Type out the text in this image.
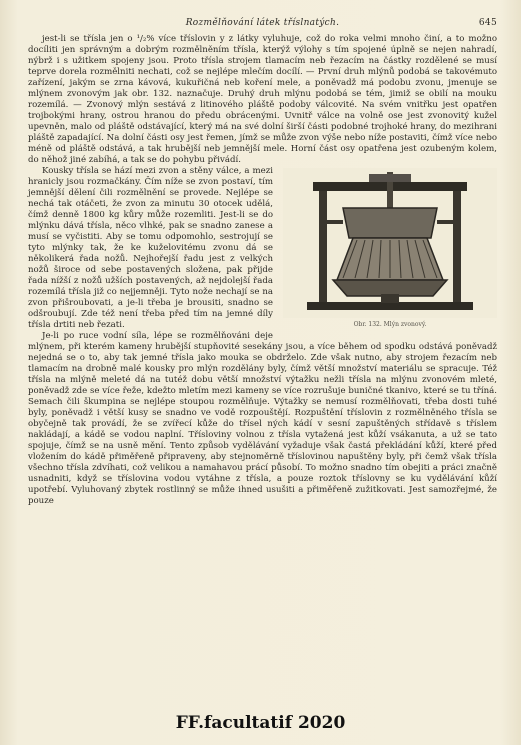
Rozmělňování látek tříslnatých.	645

jest-li se třísla jen o ¹/₂% více tříslovin y z látky vyluhuje, což do roka velmi mnoho činí, a to možno docíliti jen správným a dobrým rozmělněním třísla, kterýž výlohy s tím spojené úplně se nejen nahradí, nýbrž i s užitkem spojeny jsou. Proto třísla strojem tlamacím neb řezacím na částky rozdělené se musí teprve dorela rozmělniti nechati, což se nejlépe mlečím docílí. — První druh mlýnů podobá se takovémuto zařízení, jakým se zrna kávová, kukuřičná neb koření mele, a poněvadž má podobu zvonu, jmenuje se mlýnem zvonovým jak obr. 132. naznačuje. Druhý druh mlýnu podobá se tém, jimiž se obilí na mouku rozemílá. — Zvonový mlýn sestává z litinového pláště podoby válcovité. Na svém vnitřku jest opatřen trojbokými hrany, ostrou hranou do předu obrácenými. Uvnitř válce na volně ose jest zvonovitý kužel upevněn, malo od pláště odstávající, který má na své dolní širší části podobné trojhoké hrany, do mezihrani pláště zapadající. Na dolní části osy jest řemen, jímž se může zvon výše nebo níže postaviti, čímž více nebo méně od pláště odstává, a tak hrubější neb jemnější mele. Horní část osy opatřena jest ozubeným kolem, do něhož jiné zabíhá, a tak se do pohybu přivádí.

Obr. 132. Mlýn zvonový.

Kousky třísla se hází mezi zvon a stěny válce, a mezi hranicly jsou rozmačkány. Čím níže se zvon postaví, tím jemnější dělení čili rozmělnění se provede. Nejlépe se nechá tak otáčeti, že zvon za minutu 30 otocek udělá, čímž denně 1800 kg kůry může rozemliti. Jest-li se do mlýnku dává třísla, něco vlhké, pak se snadno zanese a musí se vyčistiti. Aby se tomu odpomohlo, sestrojují se tyto mlýnky tak, že ke kuželovitému zvonu dá se několikerá řada nožů. Nejhořejší řadu jest z velkých nožů široce od sebe postavených složena, pak přijde řada nížší z nožů užších postavených, až nejdolejší řada rozemílá třísla již co nejjemněji. Tyto nože nechají se na zvon přišroubovati, a je-li třeba je brousiti, snadno se odšroubují. Zde též není třeba před tím na jemné díly třísla drtiti neb řezati.

Je-li po ruce vodní síla, lépe se rozmělňováni deje mlýnem, při kterém kameny hrubější stupňovité sesekány jsou, a více během od spodku odstává poněvadž nejedná se o to, aby tak jemné třísla jako mouka se obdrželo. Zde však nutno, aby strojem řezacím neb tlamacím na drobně malé kousky pro mlýn rozdělány byly, čímž větší množství materiálu se spracuje. Též třísla na mlýně meleté dá na tutéž dobu větší množství výtažku nežli třísla na mlýnu zvonovém mleté, poněvadž zde se více řeže, kdežto mletím mezi kameny se více rozrušuje buničné tkanivo, které se tu tříná. Semach čili škumpina se nejlépe stoupou rozmělňuje. Výtažky se nemusí rozmělňovati, třeba dosti tuhé byly, poněvadž i větší kusy se snadno ve vodě rozpouštějí. Rozpuštění tříslovin z rozmělněného třísla se obyčejně tak provádí, že se zvířecí kůže do třísel ných kádí v sesní zapuštěných střídavě s tříslem nakládají, a kádě se vodou naplní. Třísloviny volnou z třísla vytažená jest kůží vsákanuta, a už se tato spojuje, čímž se na usně mění. Tento způsob vydělávání vyžaduje však častá překládání kůží, které před vložením do kádě přiměřeně připraveny, aby stejnoměrně tříslovinou napuštěny byly, při čemž však třísla všechno třísla zdvíhati, což velikou a namahavou prácí působí. To možno snadno tím obejiti a práci značně usnadniti, když se tříslovina vodou vytáhne z třísla, a pouze roztok tříslovny se ku vydělávání kůží upotřebí. Vyluhovaný zbytek rostlinný se může ihned usušiti a přiměřeně zužitkovati. Jest samozřejmé, že pouze

FF.facultatif 2020
